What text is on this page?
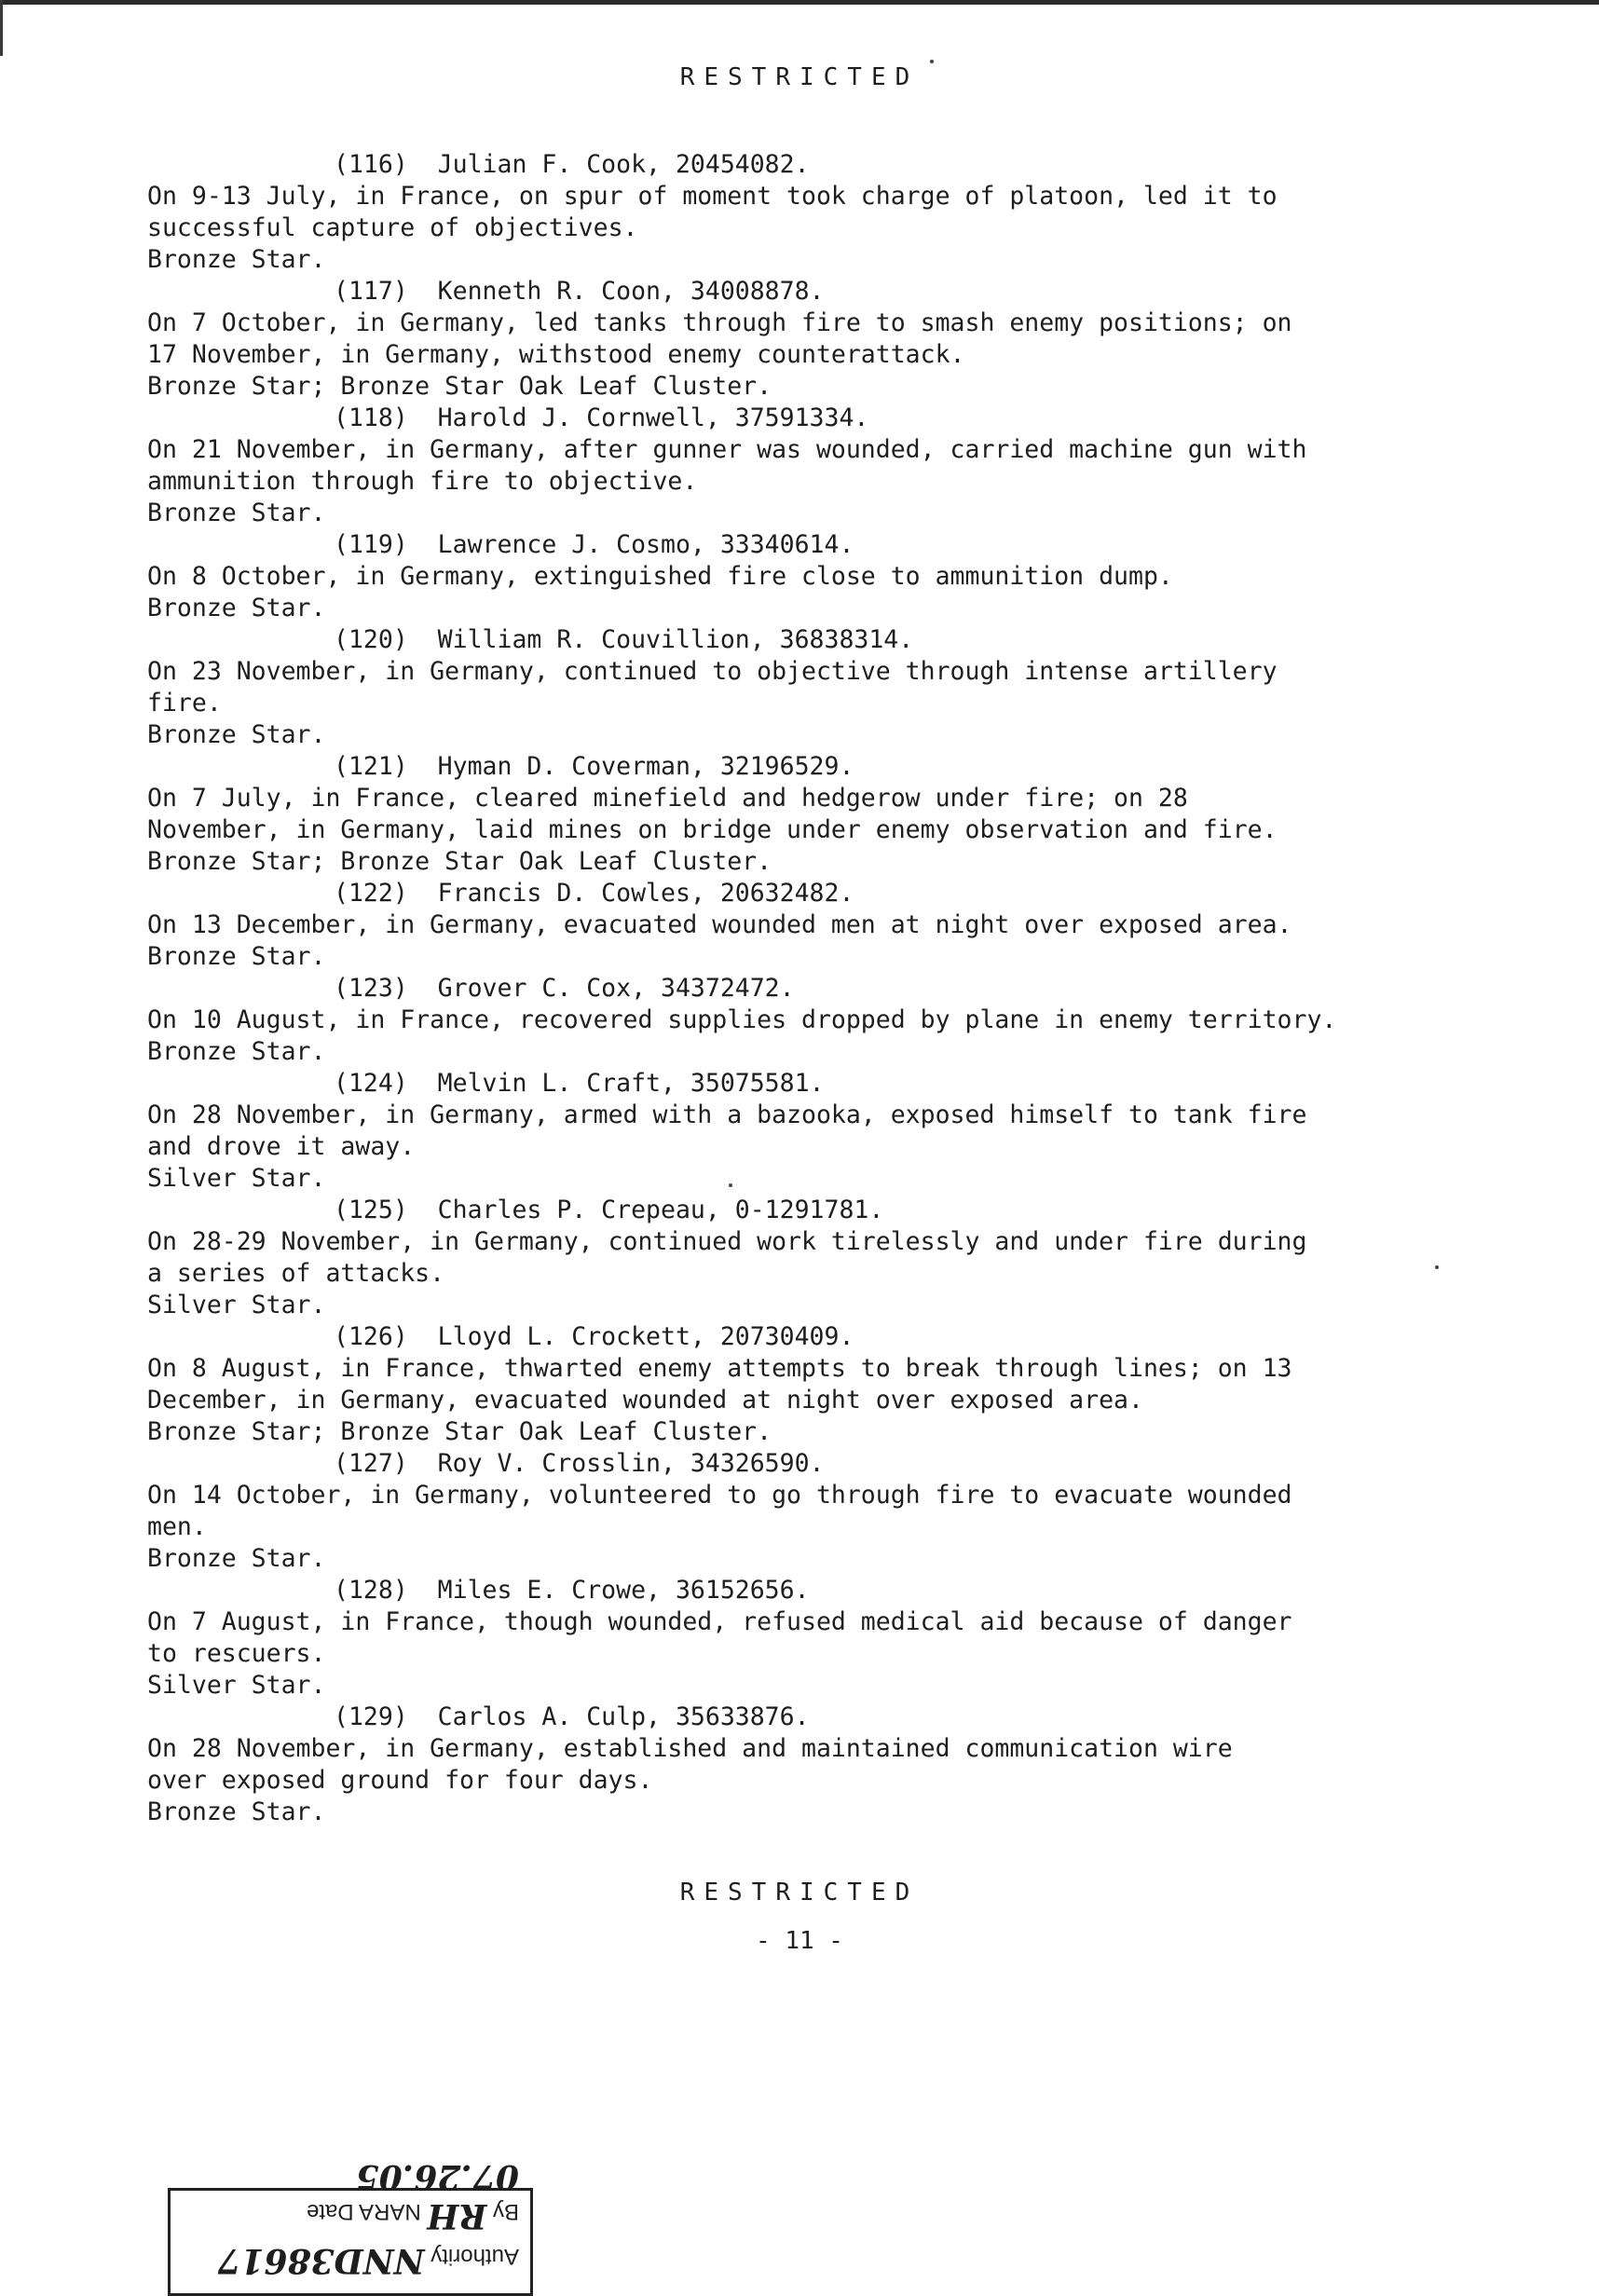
RESTRICTED
(116)  Julian F. Cook, 20454082.
On 9-13 July, in France, on spur of moment took charge of platoon, led it to
successful capture of objectives.
Bronze Star.
(117)  Kenneth R. Coon, 34008878.
On 7 October, in Germany, led tanks through fire to smash enemy positions; on
17 November, in Germany, withstood enemy counterattack.
Bronze Star; Bronze Star Oak Leaf Cluster.
(118)  Harold J. Cornwell, 37591334.
On 21 November, in Germany, after gunner was wounded, carried machine gun with
ammunition through fire to objective.
Bronze Star.
(119)  Lawrence J. Cosmo, 33340614.
On 8 October, in Germany, extinguished fire close to ammunition dump.
Bronze Star.
(120)  William R. Couvillion, 36838314.
On 23 November, in Germany, continued to objective through intense artillery
fire.
Bronze Star.
(121)  Hyman D. Coverman, 32196529.
On 7 July, in France, cleared minefield and hedgerow under fire; on 28
November, in Germany, laid mines on bridge under enemy observation and fire.
Bronze Star; Bronze Star Oak Leaf Cluster.
(122)  Francis D. Cowles, 20632482.
On 13 December, in Germany, evacuated wounded men at night over exposed area.
Bronze Star.
(123)  Grover C. Cox, 34372472.
On 10 August, in France, recovered supplies dropped by plane in enemy territory.
Bronze Star.
(124)  Melvin L. Craft, 35075581.
On 28 November, in Germany, armed with a bazooka, exposed himself to tank fire
and drove it away.
Silver Star.
(125)  Charles P. Crepeau, 0-1291781.
On 28-29 November, in Germany, continued work tirelessly and under fire during
a series of attacks.
Silver Star.
(126)  Lloyd L. Crockett, 20730409.
On 8 August, in France, thwarted enemy attempts to break through lines; on 13
December, in Germany, evacuated wounded at night over exposed area.
Bronze Star; Bronze Star Oak Leaf Cluster.
(127)  Roy V. Crosslin, 34326590.
On 14 October, in Germany, volunteered to go through fire to evacuate wounded
men.
Bronze Star.
(128)  Miles E. Crowe, 36152656.
On 7 August, in France, though wounded, refused medical aid because of danger
to rescuers.
Silver Star.
(129)  Carlos A. Culp, 35633876.
On 28 November, in Germany, established and maintained communication wire
over exposed ground for four days.
Bronze Star.
RESTRICTED
- 11 -
Authority NND38617
By RH NARA Date 07.26.05
